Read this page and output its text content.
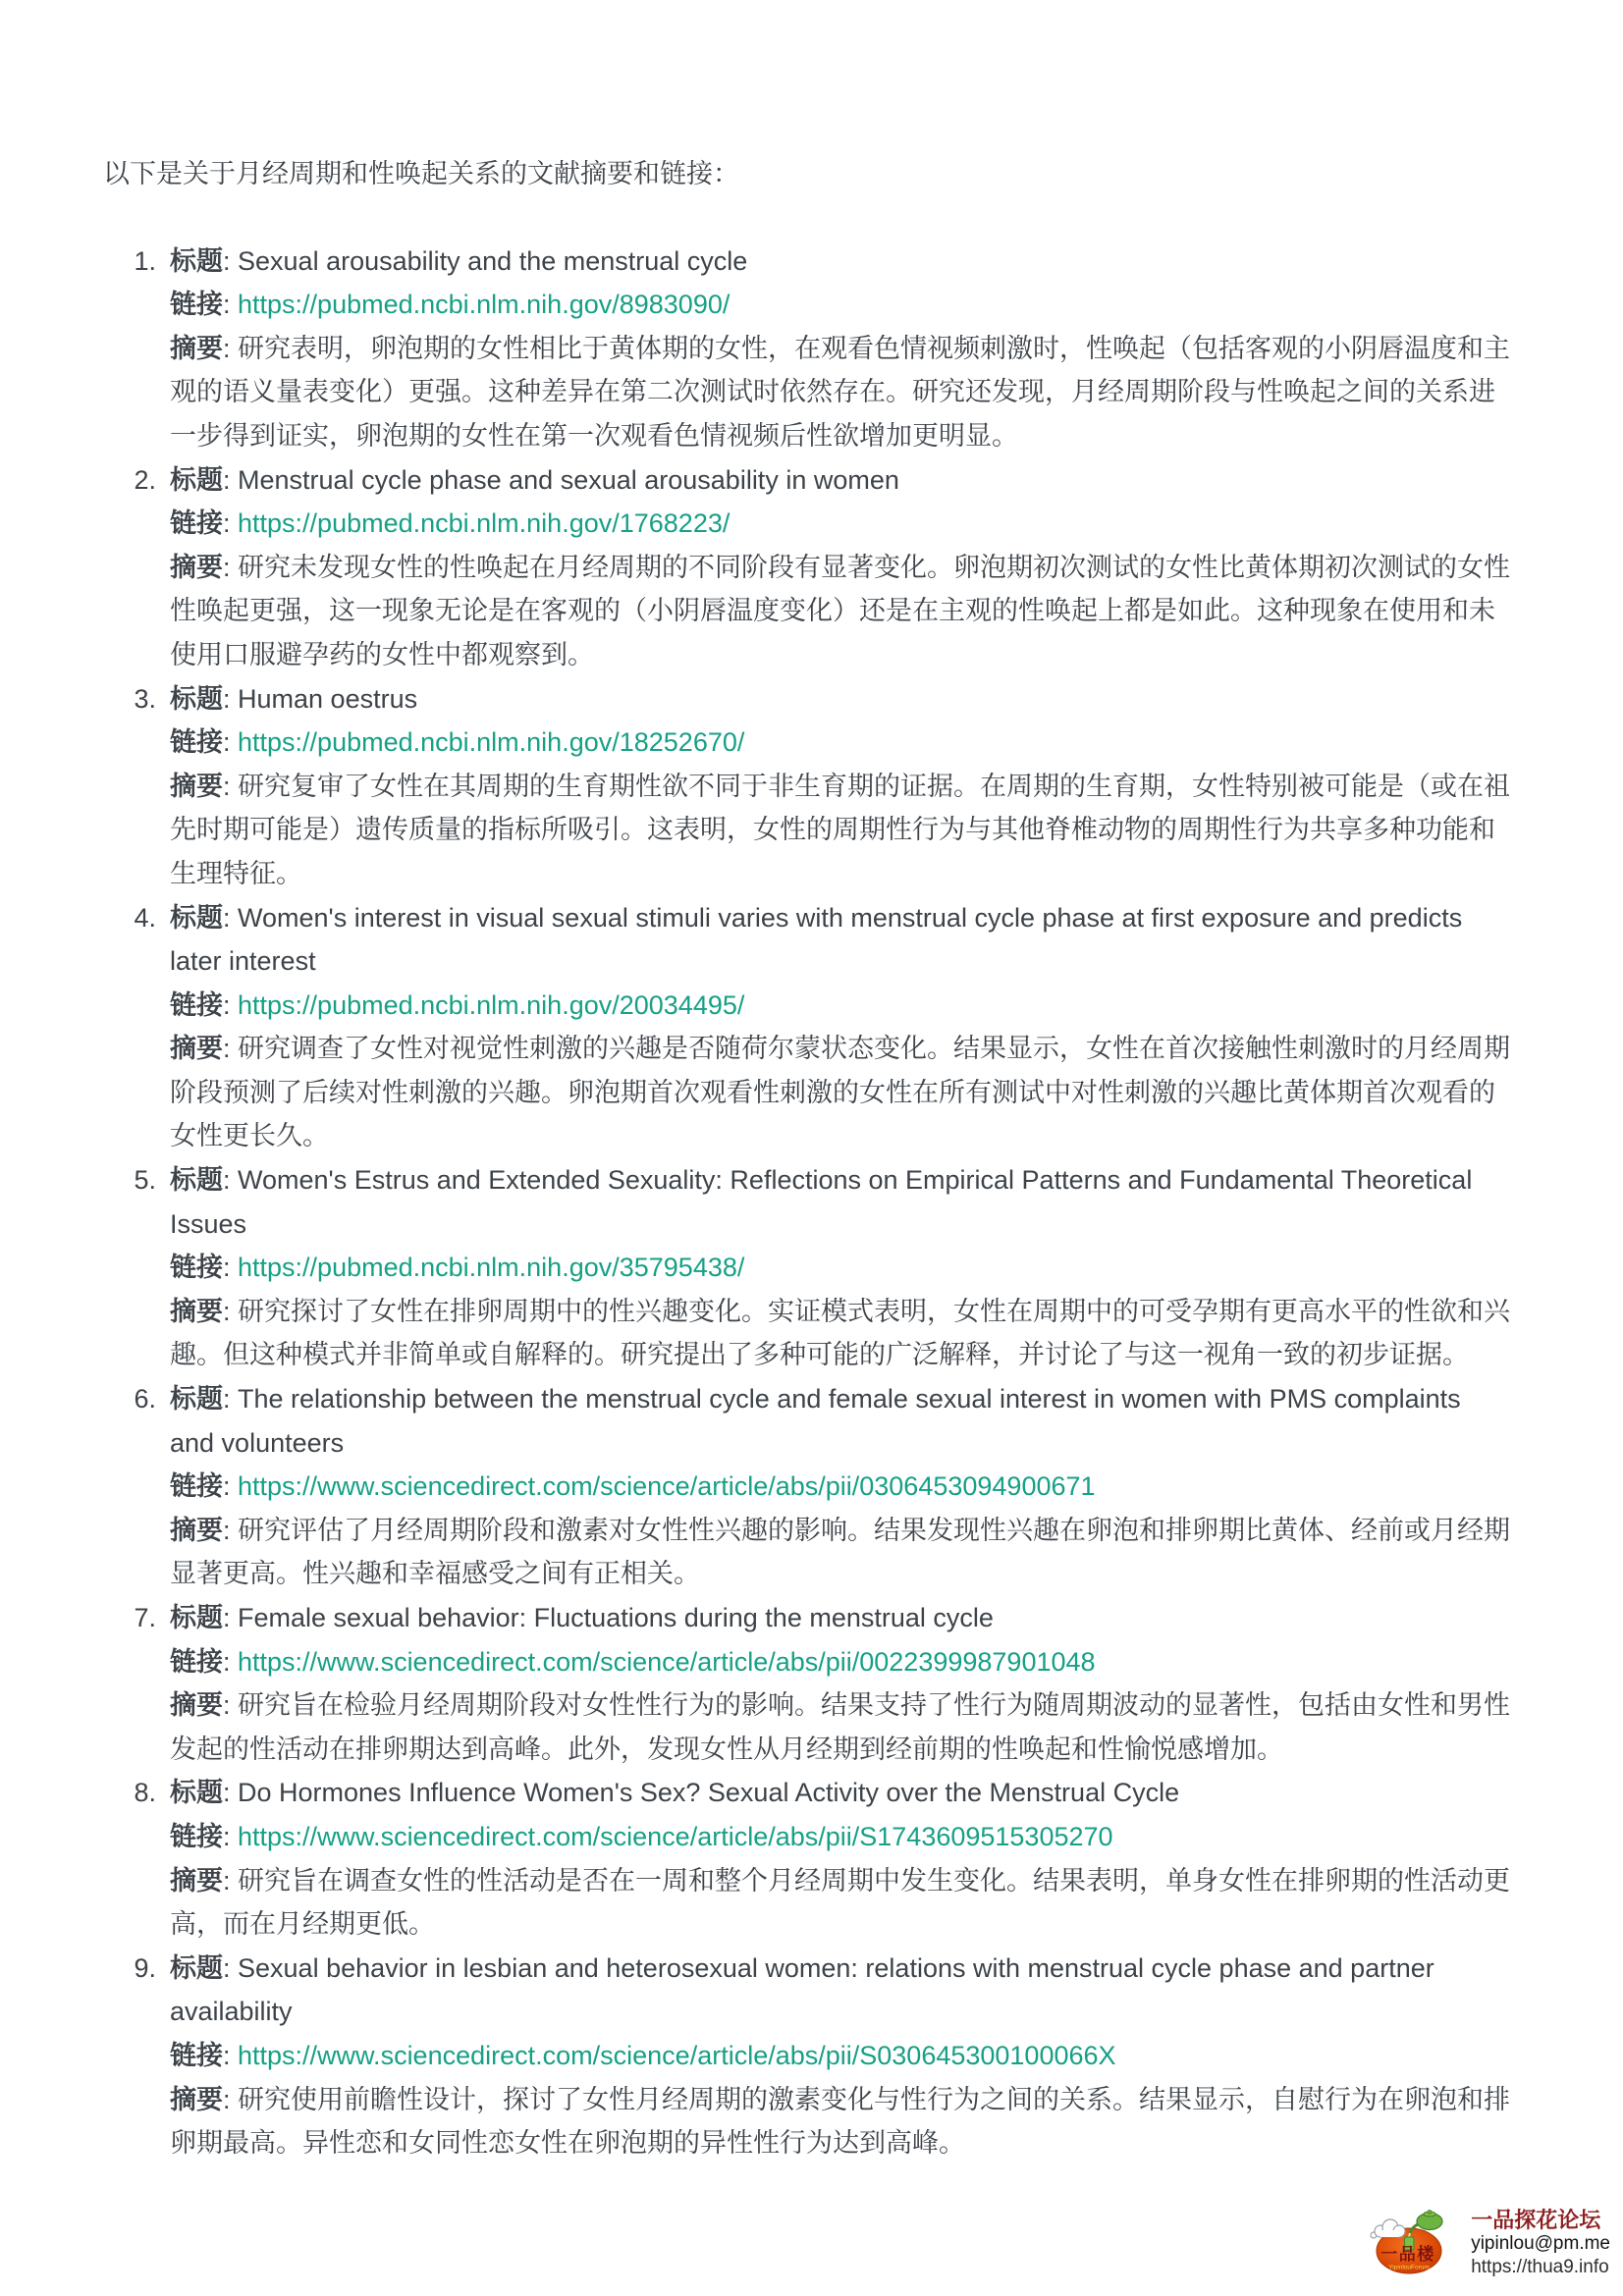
以下是关于月经周期和性唤起关系的文献摘要和链接：

1. 标题: Sexual arousability and the menstrual cycle
链接: https://pubmed.ncbi.nlm.nih.gov/8983090/
摘要: 研究表明，卵泡期的女性相比于黄体期的女性，在观看色情视频刺激时，性唤起（包括客观的小阴唇温度和主观的语义量表变化）更强。这种差异在第二次测试时依然存在。研究还发现，月经周期阶段与性唤起之间的关系进一步得到证实，卵泡期的女性在第一次观看色情视频后性欲增加更明显。
2. 标题: Menstrual cycle phase and sexual arousability in women
链接: https://pubmed.ncbi.nlm.nih.gov/1768223/
摘要: 研究未发现女性的性唤起在月经周期的不同阶段有显著变化。卵泡期初次测试的女性比黄体期初次测试的女性性唤起更强，这一现象无论是在客观的（小阴唇温度变化）还是在主观的性唤起上都是如此。这种现象在使用和未使用口服避孕药的女性中都观察到。
3. 标题: Human oestrus
链接: https://pubmed.ncbi.nlm.nih.gov/18252670/
摘要: 研究复审了女性在其周期的生育期性欲不同于非生育期的证据。在周期的生育期，女性特别被可能是（或在祖先时期可能是）遗传质量的指标所吸引。这表明，女性的周期性行为与其他脊椎动物的周期性行为共享多种功能和生理特征。
4. 标题: Women's interest in visual sexual stimuli varies with menstrual cycle phase at first exposure and predicts later interest
链接: https://pubmed.ncbi.nlm.nih.gov/20034495/
摘要: 研究调查了女性对视觉性刺激的兴趣是否随荷尔蒙状态变化。结果显示，女性在首次接触性刺激时的月经周期阶段预测了后续对性刺激的兴趣。卵泡期首次观看性刺激的女性在所有测试中对性刺激的兴趣比黄体期首次观看的女性更长久。
5. 标题: Women's Estrus and Extended Sexuality: Reflections on Empirical Patterns and Fundamental Theoretical Issues
链接: https://pubmed.ncbi.nlm.nih.gov/35795438/
摘要: 研究探讨了女性在排卵周期中的性兴趣变化。实证模式表明，女性在周期中的可受孕期有更高水平的性欲和兴趣。但这种模式并非简单或自解释的。研究提出了多种可能的广泛解释，并讨论了与这一视角一致的初步证据。
6. 标题: The relationship between the menstrual cycle and female sexual interest in women with PMS complaints and volunteers
链接: https://www.sciencedirect.com/science/article/abs/pii/0306453094900671
摘要: 研究评估了月经周期阶段和激素对女性性兴趣的影响。结果发现性兴趣在卵泡和排卵期比黄体、经前或月经期显著更高。性兴趣和幸福感受之间有正相关。
7. 标题: Female sexual behavior: Fluctuations during the menstrual cycle
链接: https://www.sciencedirect.com/science/article/abs/pii/0022399987901048
摘要: 研究旨在检验月经周期阶段对女性性行为的影响。结果支持了性行为随周期波动的显著性，包括由女性和男性发起的性活动在排卵期达到高峰。此外，发现女性从月经期到经前期的性唤起和性愉悦感增加。
8. 标题: Do Hormones Influence Women's Sex? Sexual Activity over the Menstrual Cycle
链接: https://www.sciencedirect.com/science/article/abs/pii/S1743609515305270
摘要: 研究旨在调查女性的性活动是否在一周和整个月经周期中发生变化。结果表明，单身女性在排卵期的性活动更高，而在月经期更低。
9. 标题: Sexual behavior in lesbian and heterosexual women: relations with menstrual cycle phase and partner availability
链接: https://www.sciencedirect.com/science/article/abs/pii/S030645300100066X
摘要: 研究使用前瞻性设计，探讨了女性月经周期的激素变化与性行为之间的关系。结果显示，自慰行为在卵泡和排卵期最高。异性恋和女同性恋女性在卵泡期的异性性行为达到高峰。
一品楼
YipinlouForum
一品探花论坛
yipinlou@pm.me
https://thua9.info
